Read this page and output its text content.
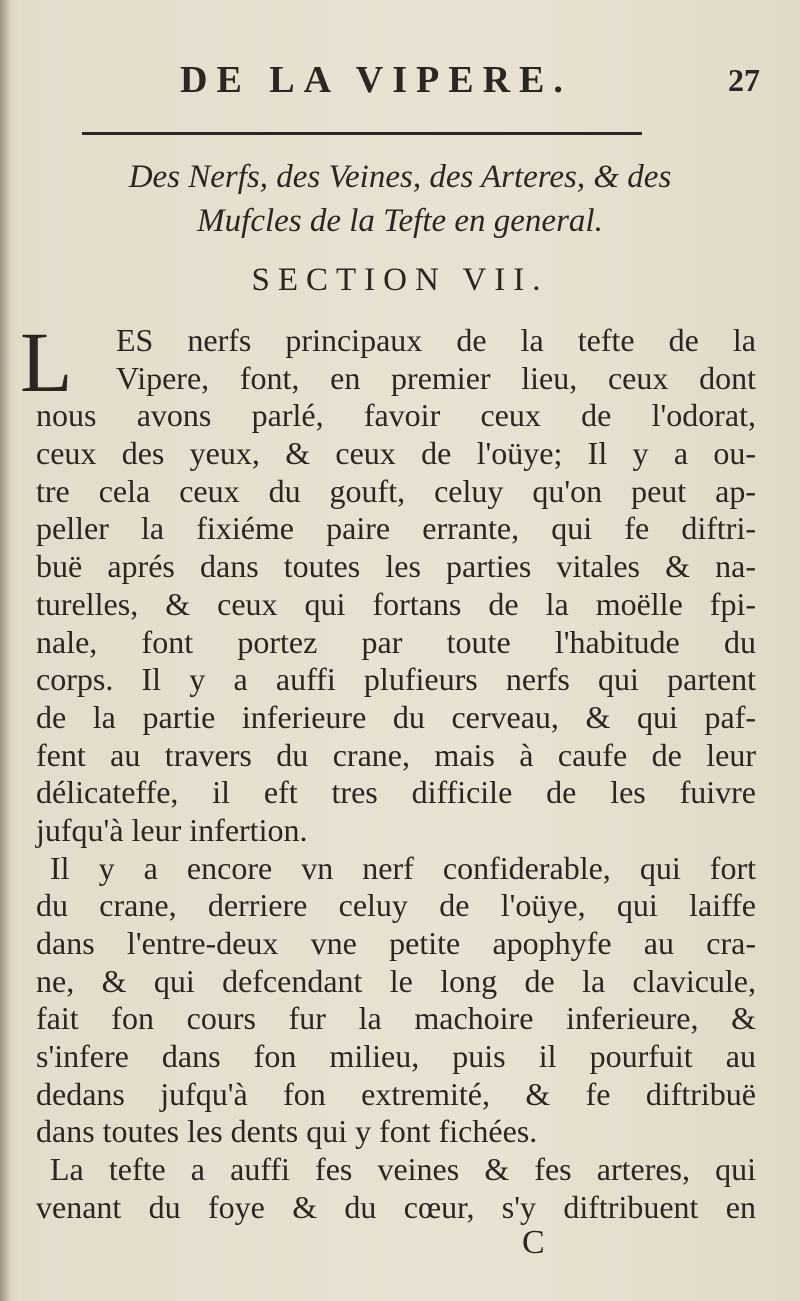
DE LA VIPERE.	27
Des Nerfs, des Veines, des Arteres, & des
Mufcles de la Tefte en general.
SECTION VII.
L	ES nerfs principaux de la tefte de la
Vipere, font, en premier lieu, ceux dont
nous avons parlé, favoir ceux de l'odorat,
ceux des yeux, & ceux de l'oüye; Il y a ou-
tre cela ceux du gouft, celuy qu'on peut ap-
peller la fixiéme paire errante, qui fe diftri-
buë aprés dans toutes les parties vitales & na-
turelles, & ceux qui fortans de la moëlle fpi-
nale, font portez par toute l'habitude du
corps. Il y a auffi plufieurs nerfs qui partent
de la partie inferieure du cerveau, & qui paf-
fent au travers du crane, mais à caufe de leur
délicateffe, il eft tres difficile de les fuivre
jufqu'à leur infertion.
Il y a encore vn nerf confiderable, qui fort
du crane, derriere celuy de l'oüye, qui laiffe
dans l'entre-deux vne petite apophyfe au cra-
ne, & qui defcendant le long de la clavicule,
fait fon cours fur la machoire inferieure, &
s'infere dans fon milieu, puis il pourfuit au
dedans jufqu'à fon extremité, & fe diftribuë
dans toutes les dents qui y font fichées.
La tefte a auffi fes veines & fes arteres, qui
venant du foye & du cœur, s'y diftribuent en
C
